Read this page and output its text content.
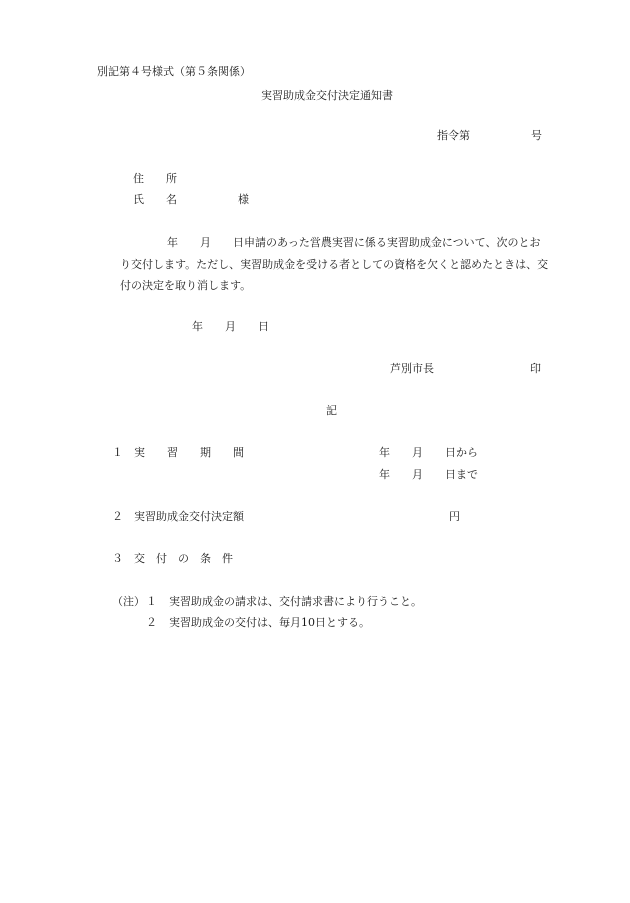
別記第４号様式（第５条関係）
実習助成金交付決定通知書
指令第	号
住　　所
氏　　名	様
年　　月　　日申請のあった営農実習に係る実習助成金について、次のとお
り交付します。ただし、実習助成金を受ける者としての資格を欠くと認めたときは、交
付の決定を取り消します。
年　　月　　日
芦別市長	印
記
１ 実　　習　　期　　間	年　　月　　日から
年　　月　　日まで
２ 実習助成金交付決定額	円
３ 交　付　の　条　件
（注） １ 実習助成金の請求は、交付請求書により行うこと。
２ 実習助成金の交付は、毎月10日とする。
